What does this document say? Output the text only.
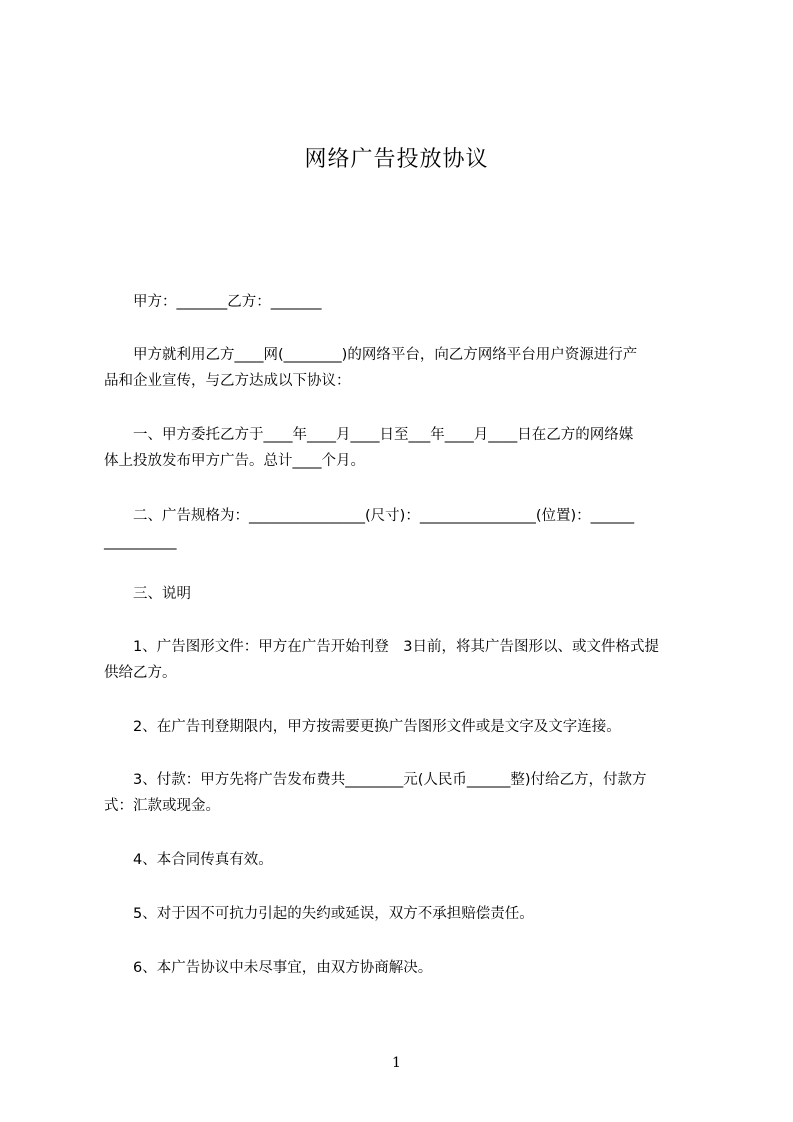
网络广告投放协议
　　甲方：_______乙方：_______
　　甲方就利用乙方____网(________)的网络平台，向乙方网络平台用户资源进行产
品和企业宣传，与乙方达成以下协议：
　　一、甲方委托乙方于____年____月____日至___年____月____日在乙方的网络媒
体上投放发布甲方广告。总计____个月。
　　二、广告规格为：________________(尺寸)：________________(位置)：______
__________
　　三、说明
　　1、广告图形文件：甲方在广告开始刊登　3日前，将其广告图形以、或文件格式提
供给乙方。
　　2、在广告刊登期限内，甲方按需要更换广告图形文件或是文字及文字连接。
　　3、付款：甲方先将广告发布费共________元(人民币______整)付给乙方，付款方
式：汇款或现金。
　　4、本合同传真有效。
　　5、对于因不可抗力引起的失约或延误，双方不承担赔偿责任。
　　6、本广告协议中未尽事宜，由双方协商解决。
1
